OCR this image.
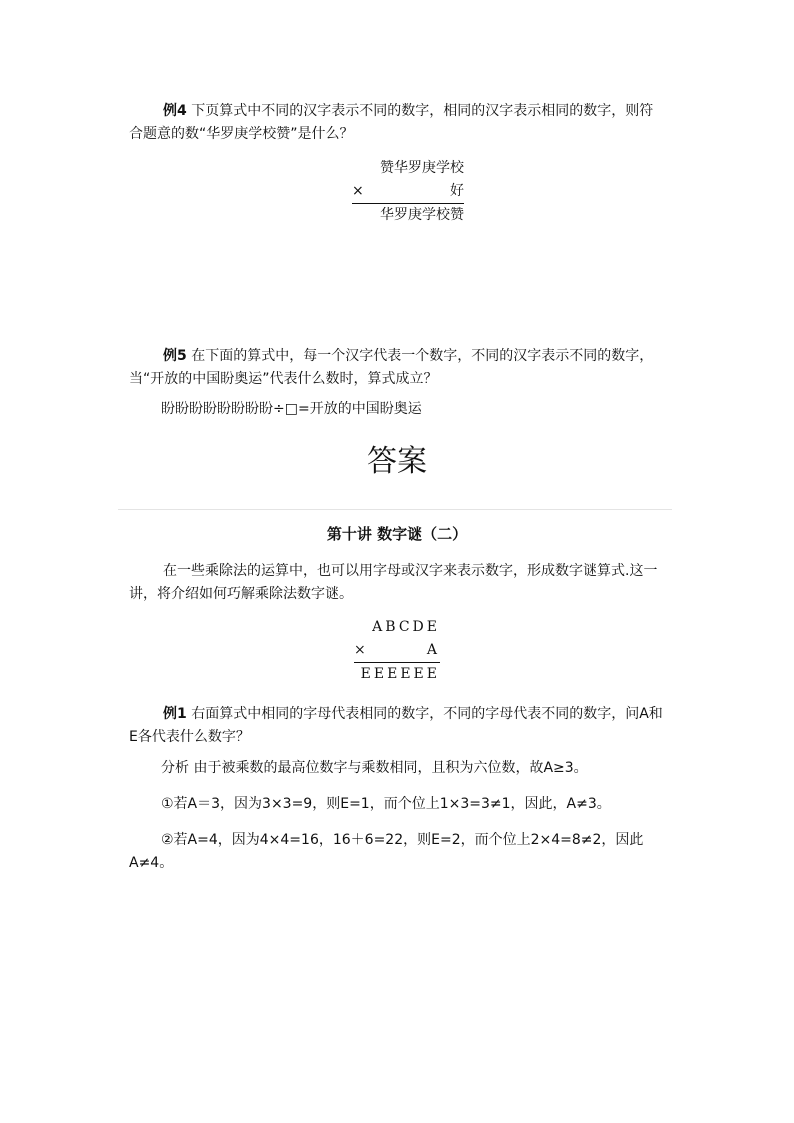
例4 下页算式中不同的汉字表示不同的数字，相同的汉字表示相同的数字，则符合题意的数“华罗庚学校赞”是什么？

赞华罗庚学校
×	好
华罗庚学校赞

例5 在下面的算式中，每一个汉字代表一个数字，不同的汉字表示不同的数字，当“开放的中国盼奥运”代表什么数时，算式成立？

盼盼盼盼盼盼盼盼÷□=开放的中国盼奥运

答案
第十讲 数字谜（二）

在一些乘除法的运算中，也可以用字母或汉字来表示数字，形成数字谜算式.这一讲，将介绍如何巧解乘除法数字谜。

ABCDE
×	A
EEEEEE

例1 右面算式中相同的字母代表相同的数字，不同的字母代表不同的数字，问A和E各代表什么数字？

分析 由于被乘数的最高位数字与乘数相同，且积为六位数，故A≥3。

①若A＝3，因为3×3=9，则E=1，而个位上1×3=3≠1，因此，A≠3。

②若A=4，因为4×4=16，16＋6=22，则E=2，而个位上2×4=8≠2，因此A≠4。
